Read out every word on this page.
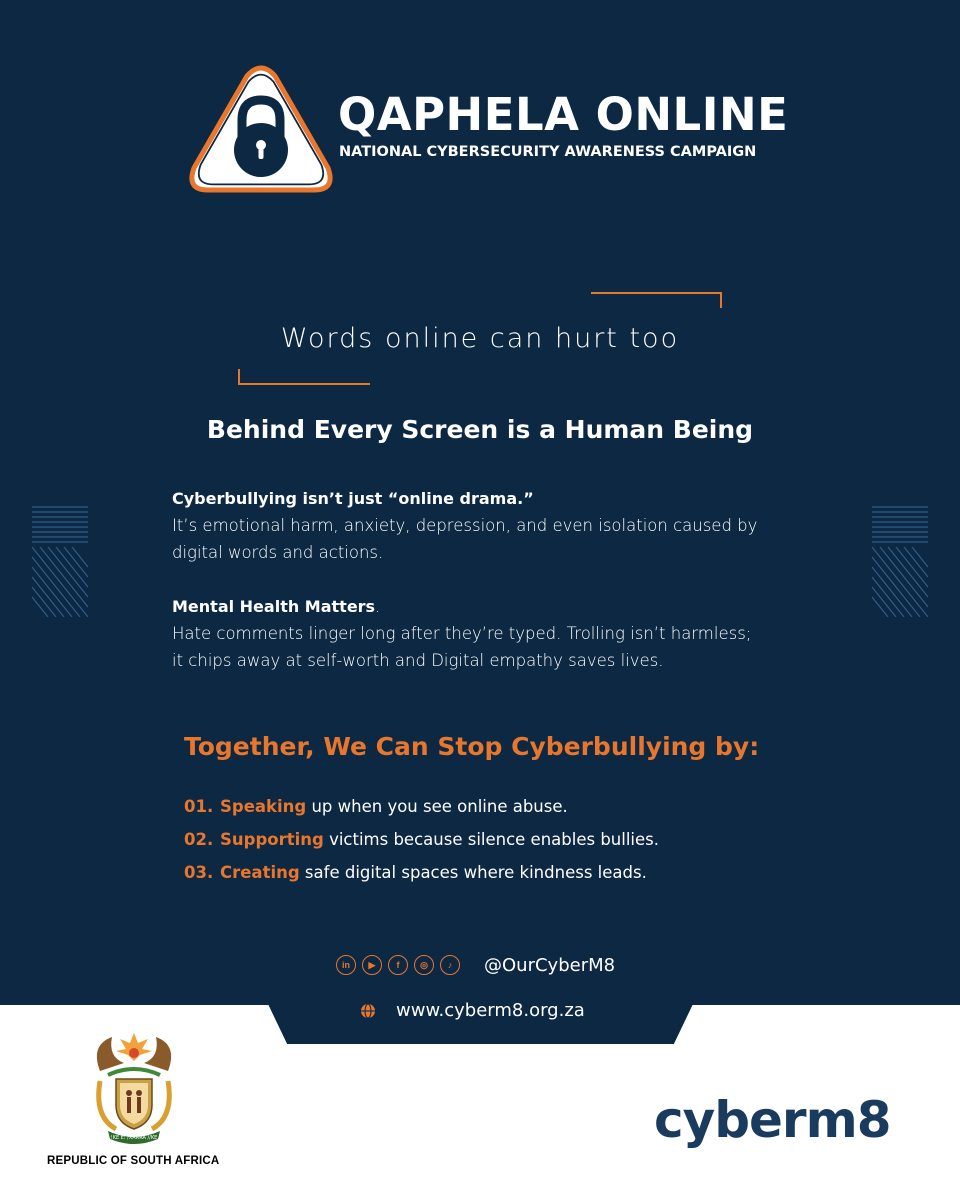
QAPHELA ONLINE
NATIONAL CYBERSECURITY AWARENESS CAMPAIGN
Words online can hurt too
Behind Every Screen is a Human Being
Cyberbullying isn’t just “online drama.”
It’s emotional harm, anxiety, depression, and even isolation caused by
digital words and actions.
Mental Health Matters.
Hate comments linger long after they’re typed. Trolling isn’t harmless;
it chips away at self-worth and Digital empathy saves lives.
Together, We Can Stop Cyberbullying by:
01. Speaking up when you see online abuse.
02. Supporting victims because silence enables bullies.
03. Creating safe digital spaces where kindness leads.
in	▶	f	◎	♪	@OurCyberM8
www.cyberm8.org.za
!KE E: /XARRA //KE
REPUBLIC OF SOUTH AFRICA
cyberm8
